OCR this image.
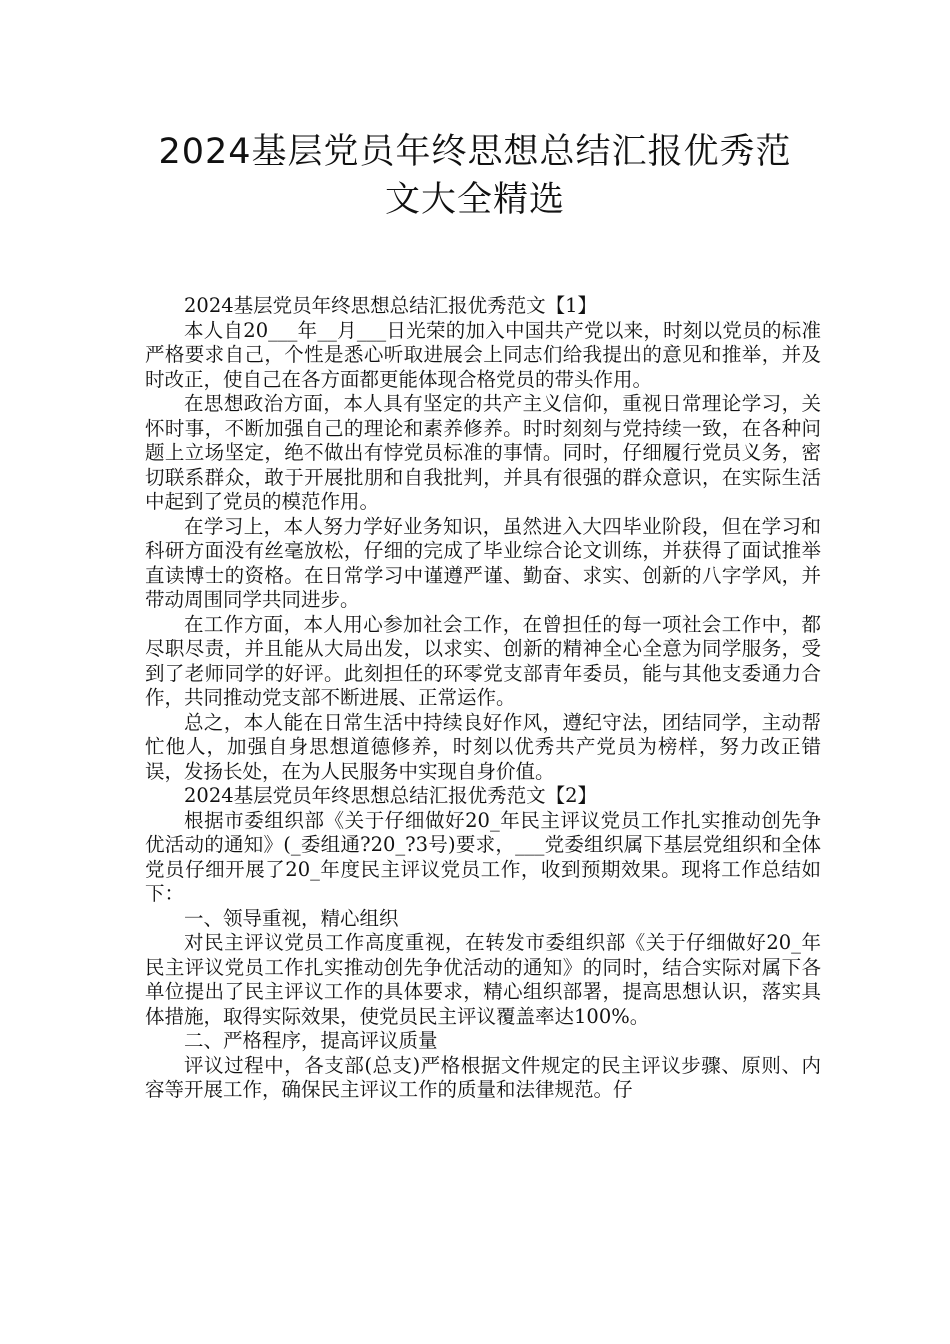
2024基层党员年终思想总结汇报优秀范
文大全精选

2024基层党员年终思想总结汇报优秀范文【1】

本人自20___年__月___日光荣的加入中国共产党以来，时刻以党员的标准严格要求自己，个性是悉心听取进展会上同志们给我提出的意见和推举，并及时改正，使自己在各方面都更能体现合格党员的带头作用。

在思想政治方面，本人具有坚定的共产主义信仰，重视日常理论学习，关怀时事，不断加强自己的理论和素养修养。时时刻刻与党持续一致，在各种问题上立场坚定，绝不做出有悖党员标准的事情。同时，仔细履行党员义务，密切联系群众，敢于开展批朋和自我批判，并具有很强的群众意识，在实际生活中起到了党员的模范作用。

在学习上，本人努力学好业务知识，虽然进入大四毕业阶段，但在学习和科研方面没有丝毫放松，仔细的完成了毕业综合论文训练，并获得了面试推举直读博士的资格。在日常学习中谨遵严谨、勤奋、求实、创新的八字学风，并带动周围同学共同进步。

在工作方面，本人用心参加社会工作，在曾担任的每一项社会工作中，都尽职尽责，并且能从大局出发，以求实、创新的精神全心全意为同学服务，受到了老师同学的好评。此刻担任的环零党支部青年委员，能与其他支委通力合作，共同推动党支部不断进展、正常运作。

总之，本人能在日常生活中持续良好作风，遵纪守法，团结同学，主动帮忙他人，加强自身思想道德修养，时刻以优秀共产党员为榜样，努力改正错误，发扬长处，在为人民服务中实现自身价值。

2024基层党员年终思想总结汇报优秀范文【2】

根据市委组织部《关于仔细做好20_年民主评议党员工作扎实推动创先争优活动的通知》(_委组通?20_?3号)要求，___党委组织属下基层党组织和全体党员仔细开展了20_年度民主评议党员工作，收到预期效果。现将工作总结如下：

一、领导重视，精心组织

对民主评议党员工作高度重视，在转发市委组织部《关于仔细做好20_年民主评议党员工作扎实推动创先争优活动的通知》的同时，结合实际对属下各单位提出了民主评议工作的具体要求，精心组织部署，提高思想认识，落实具体措施，取得实际效果，使党员民主评议覆盖率达100%。

二、严格程序，提高评议质量

评议过程中，各支部(总支)严格根据文件规定的民主评议步骤、原则、内容等开展工作，确保民主评议工作的质量和法律规范。仔
